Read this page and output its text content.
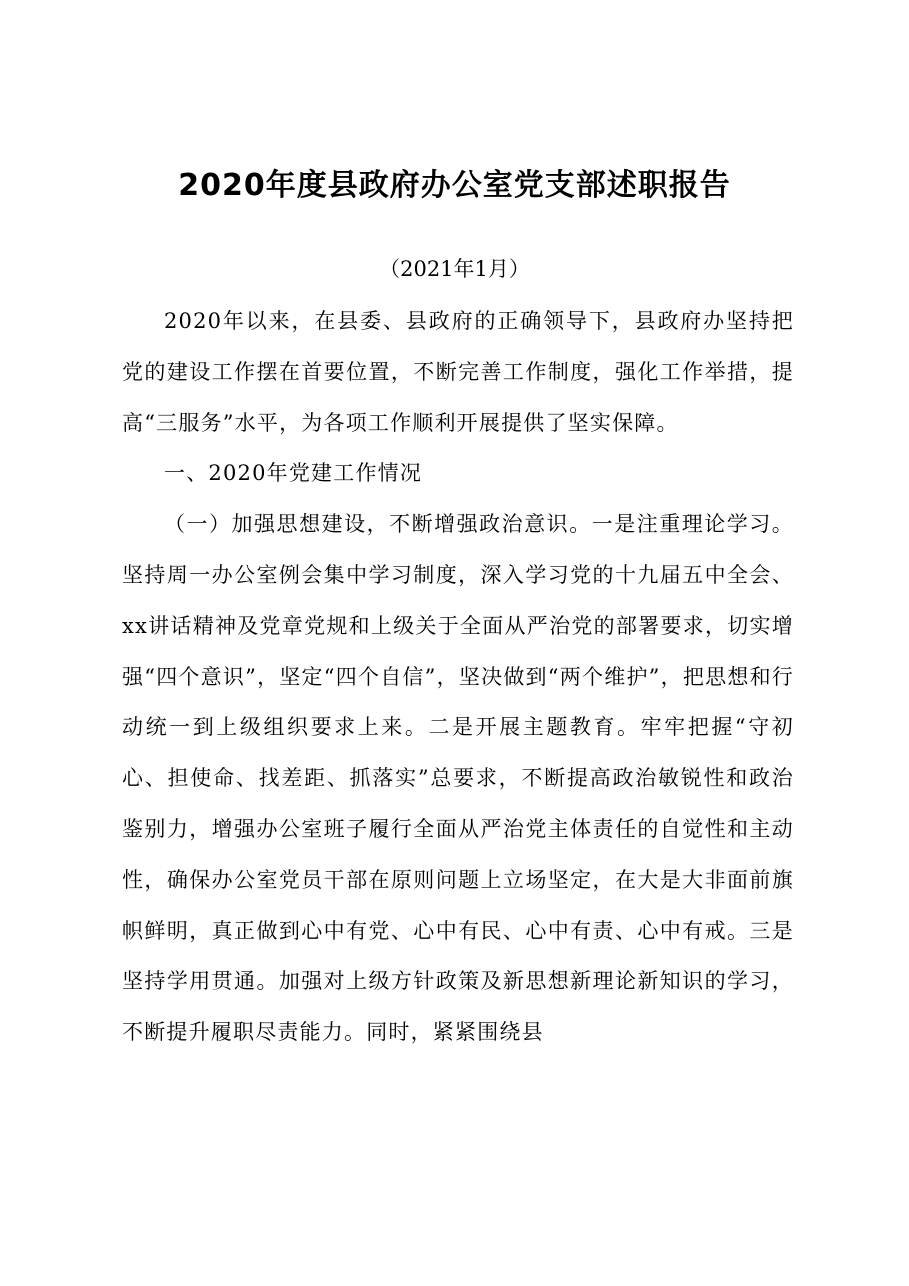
2020年度县政府办公室党支部述职报告
（2021年1月）

2020年以来，在县委、县政府的正确领导下，县政府办坚持把党的建设工作摆在首要位置，不断完善工作制度，强化工作举措，提高“三服务”水平，为各项工作顺利开展提供了坚实保障。

一、2020年党建工作情况

（一）加强思想建设，不断增强政治意识。一是注重理论学习。坚持周一办公室例会集中学习制度，深入学习党的十九届五中全会、xx讲话精神及党章党规和上级关于全面从严治党的部署要求，切实增强“四个意识”，坚定“四个自信”，坚决做到“两个维护”，把思想和行动统一到上级组织要求上来。二是开展主题教育。牢牢把握“守初心、担使命、找差距、抓落实”总要求，不断提高政治敏锐性和政治鉴别力，增强办公室班子履行全面从严治党主体责任的自觉性和主动性，确保办公室党员干部在原则问题上立场坚定，在大是大非面前旗帜鲜明，真正做到心中有党、心中有民、心中有责、心中有戒。三是坚持学用贯通。加强对上级方针政策及新思想新理论新知识的学习，不断提升履职尽责能力。同时，紧紧围绕县
